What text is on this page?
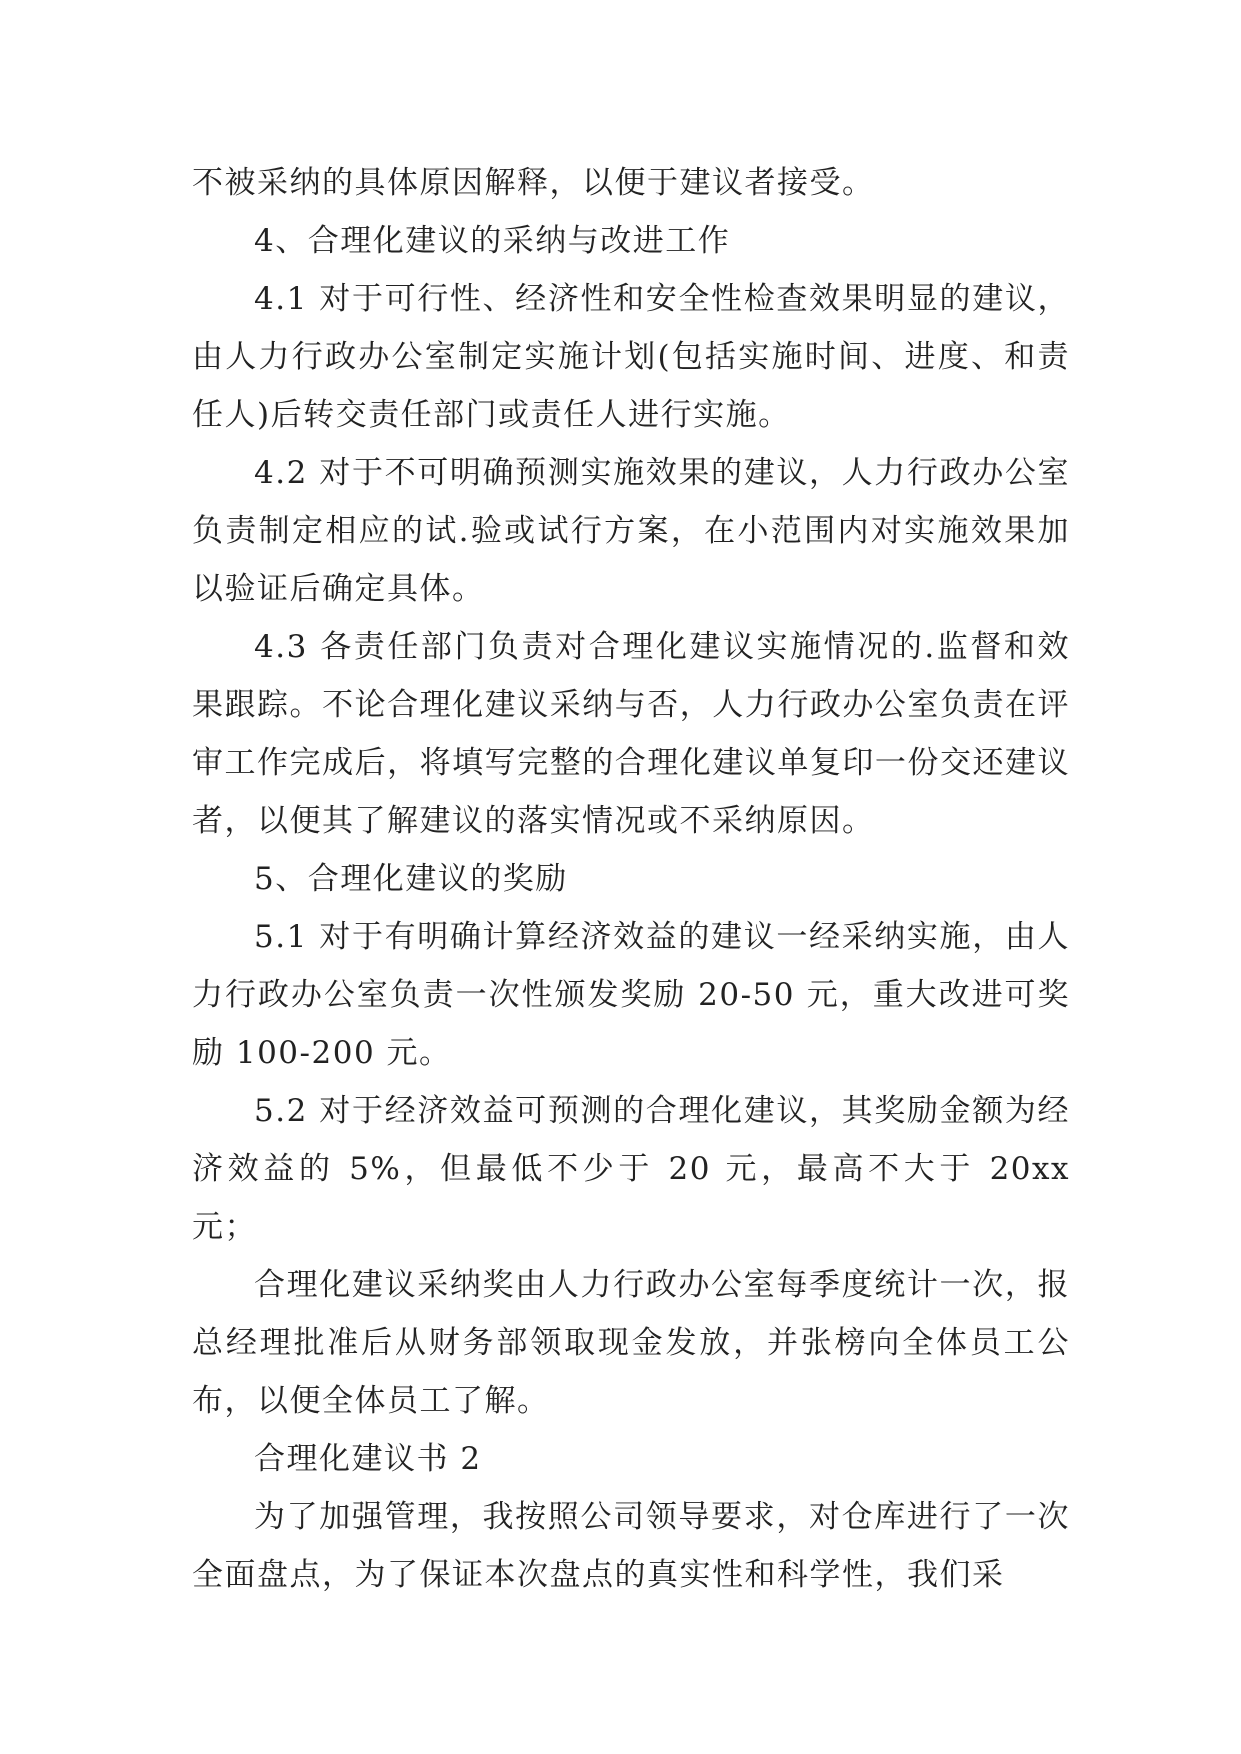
不被采纳的具体原因解释，以便于建议者接受。

4、合理化建议的采纳与改进工作

4.1 对于可行性、经济性和安全性检查效果明显的建议，由人力行政办公室制定实施计划(包括实施时间、进度、和责任人)后转交责任部门或责任人进行实施。

4.2 对于不可明确预测实施效果的建议，人力行政办公室负责制定相应的试.验或试行方案，在小范围内对实施效果加以验证后确定具体。

4.3 各责任部门负责对合理化建议实施情况的.监督和效果跟踪。不论合理化建议采纳与否，人力行政办公室负责在评审工作完成后，将填写完整的合理化建议单复印一份交还建议者，以便其了解建议的落实情况或不采纳原因。

5、合理化建议的奖励

5.1 对于有明确计算经济效益的建议一经采纳实施，由人力行政办公室负责一次性颁发奖励 20-50 元，重大改进可奖励 100-200 元。

5.2 对于经济效益可预测的合理化建议，其奖励金额为经济效益的 5%，但最低不少于 20 元，最高不大于 20xx 元；

合理化建议采纳奖由人力行政办公室每季度统计一次，报总经理批准后从财务部领取现金发放，并张榜向全体员工公布，以便全体员工了解。

合理化建议书 2

为了加强管理，我按照公司领导要求，对仓库进行了一次全面盘点，为了保证本次盘点的真实性和科学性，我们采
